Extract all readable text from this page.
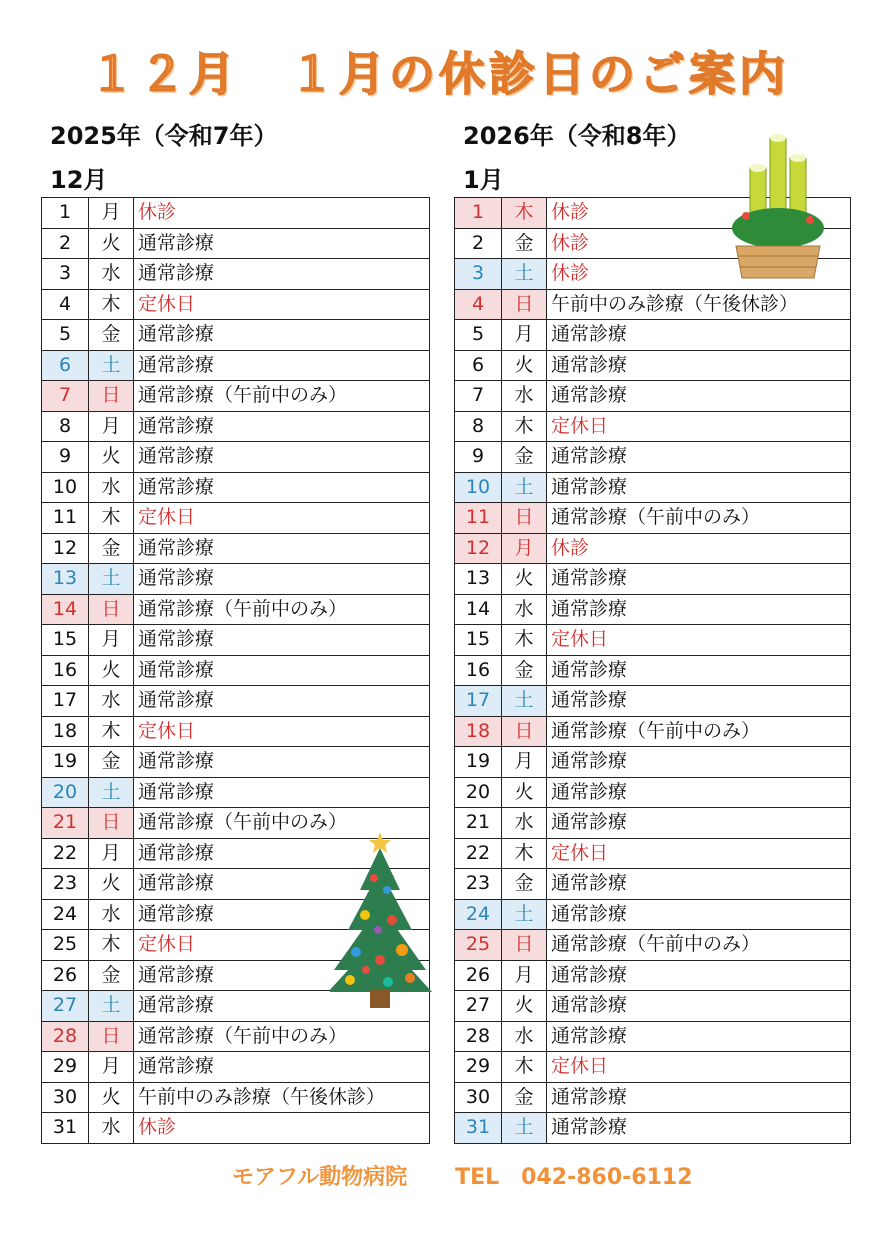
１２月　１月の休診日のご案内
2025年（令和7年）
12月
2026年（令和8年）
1月
1	月	休診
2	火	通常診療
3	水	通常診療
4	木	定休日
5	金	通常診療
6	土	通常診療
7	日	通常診療（午前中のみ）
8	月	通常診療
9	火	通常診療
10	水	通常診療
11	木	定休日
12	金	通常診療
13	土	通常診療
14	日	通常診療（午前中のみ）
15	月	通常診療
16	火	通常診療
17	水	通常診療
18	木	定休日
19	金	通常診療
20	土	通常診療
21	日	通常診療（午前中のみ）
22	月	通常診療
23	火	通常診療
24	水	通常診療
25	木	定休日
26	金	通常診療
27	土	通常診療
28	日	通常診療（午前中のみ）
29	月	通常診療
30	火	午前中のみ診療（午後休診）
31	水	休診
1	木	休診
2	金	休診
3	土	休診
4	日	午前中のみ診療（午後休診）
5	月	通常診療
6	火	通常診療
7	水	通常診療
8	木	定休日
9	金	通常診療
10	土	通常診療
11	日	通常診療（午前中のみ）
12	月	休診
13	火	通常診療
14	水	通常診療
15	木	定休日
16	金	通常診療
17	土	通常診療
18	日	通常診療（午前中のみ）
19	月	通常診療
20	火	通常診療
21	水	通常診療
22	木	定休日
23	金	通常診療
24	土	通常診療
25	日	通常診療（午前中のみ）
26	月	通常診療
27	火	通常診療
28	水	通常診療
29	木	定休日
30	金	通常診療
31	土	通常診療
モアフル動物病院 TEL　042-860-6112
